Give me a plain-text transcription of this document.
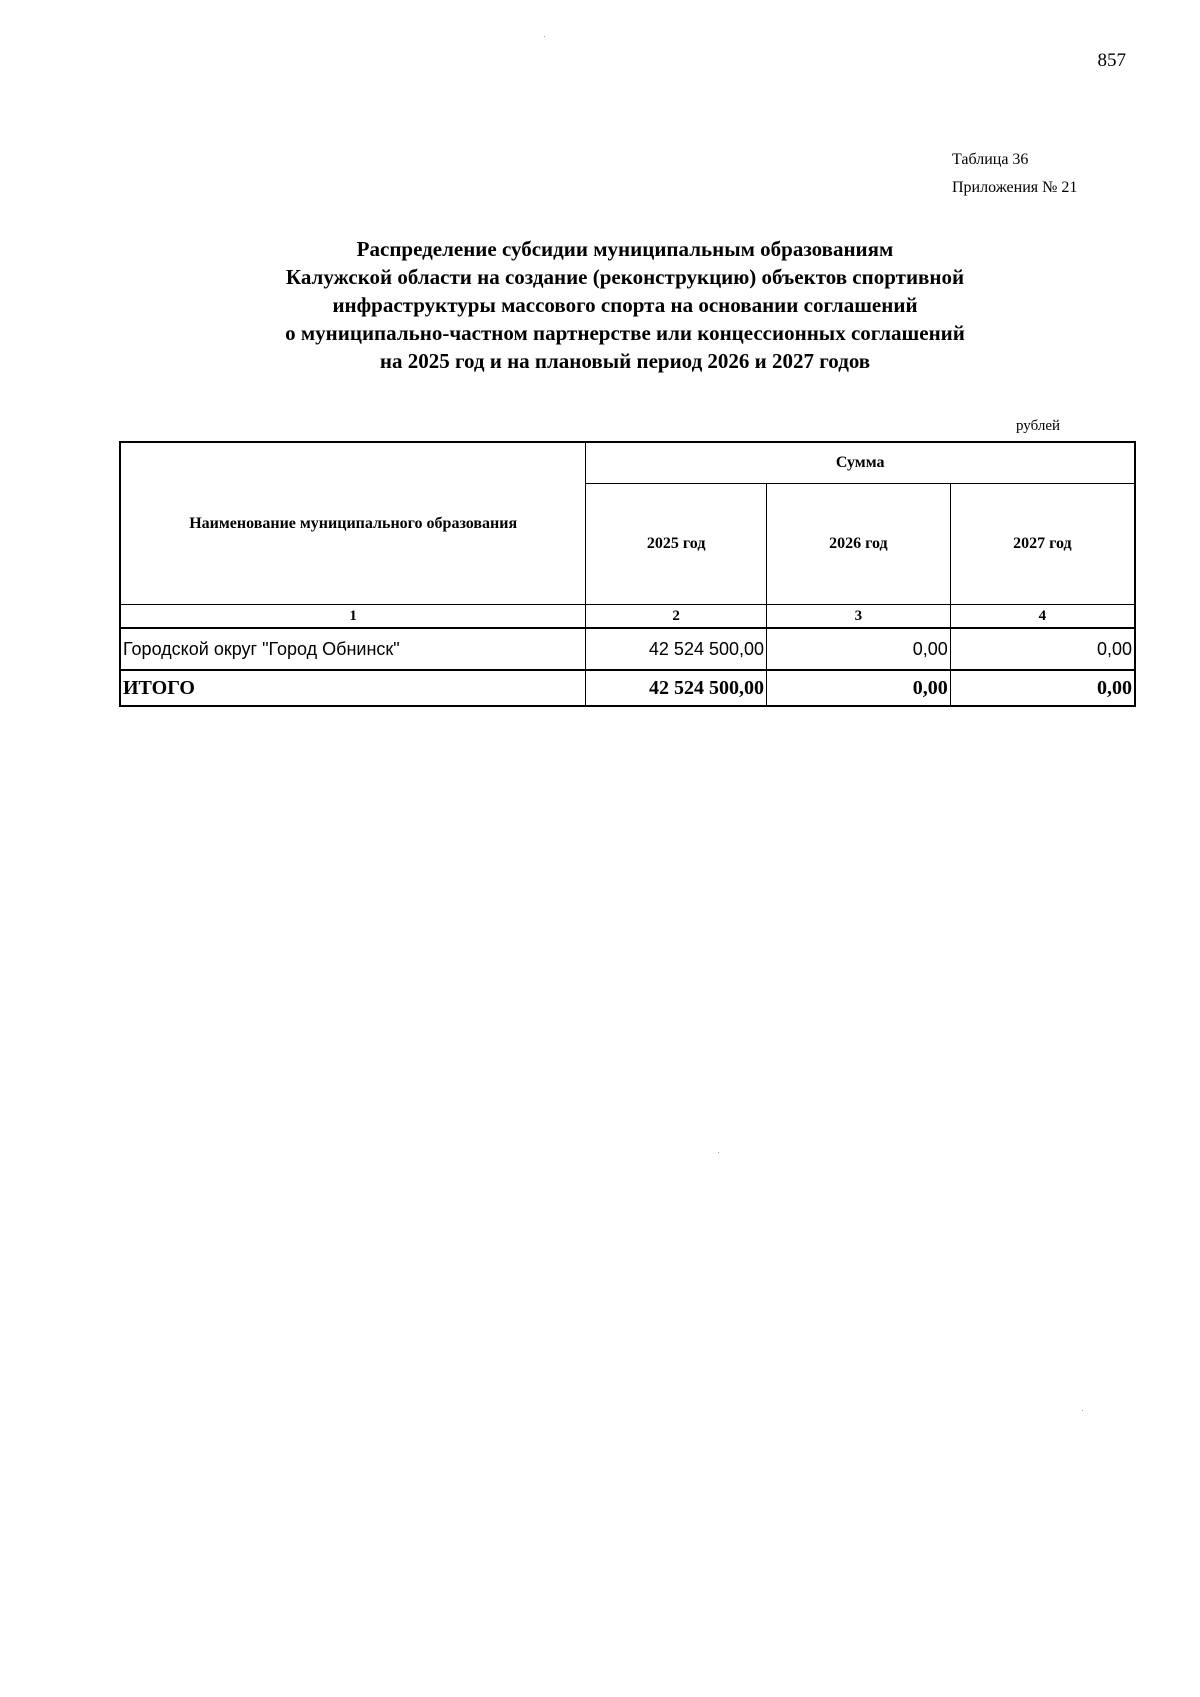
857
Таблица 36
Приложения № 21
Распределение субсидии муниципальным образованиям
Калужской области на создание (реконструкцию) объектов спортивной
инфраструктуры массового спорта на основании соглашений
о муниципально-частном партнерстве или концессионных соглашений
на 2025 год и на плановый период 2026 и 2027 годов
рублей
Наименование муниципального образования	Сумма		
	2025 год	2026 год	2027 год
1	2	3	4
Городской округ "Город Обнинск"	42 524 500,00	0,00	0,00
ИТОГО	42 524 500,00	0,00	0,00
